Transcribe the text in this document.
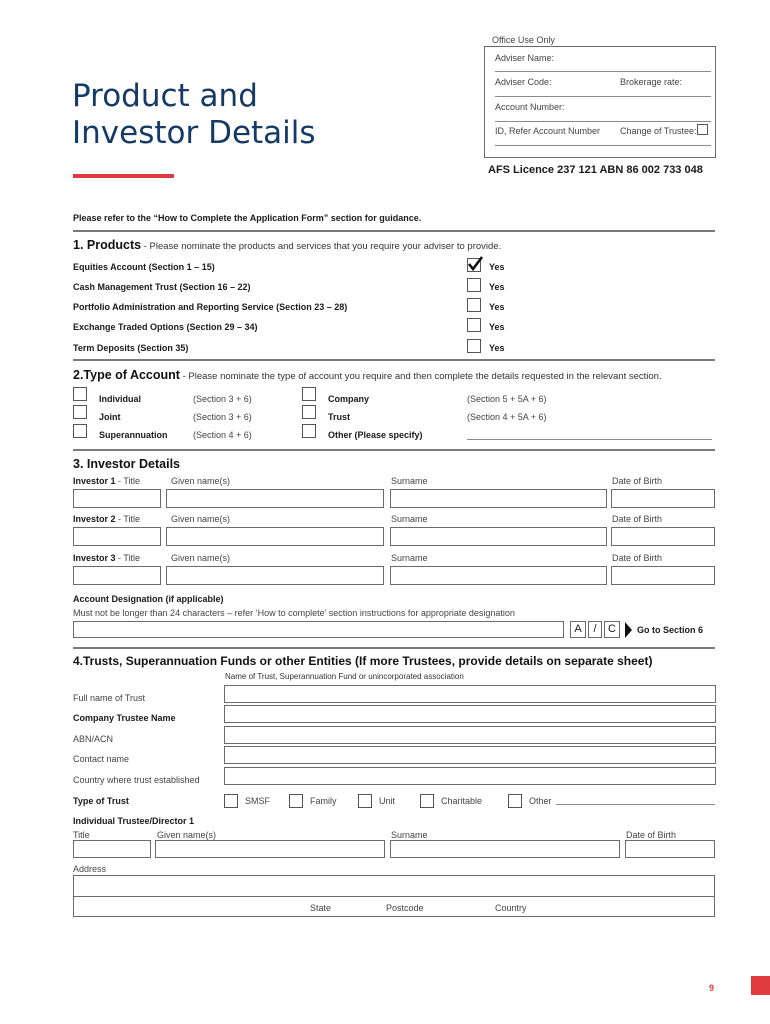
Office Use Only
Adviser Name:
Adviser Code:	Brokerage rate:
Account Number:
ID, Refer Account Number Change of Trustee:
Product and
Investor Details
AFS Licence 237 121 ABN 86 002 733 048
Please refer to the “How to Complete the Application Form” section for guidance.
1. Products - Please nominate the products and services that you require your adviser to provide.
Equities Account (Section 1 – 15)	Yes
Cash Management Trust (Section 16 – 22)	Yes
Portfolio Administration and Reporting Service (Section 23 – 28)	Yes
Exchange Traded Options (Section 29 – 34)	Yes
Term Deposits (Section 35)	Yes
2.Type of Account - Please nominate the type of account you require and then complete the details requested in the relevant section.
Individual	(Section 3 + 6)
Joint	(Section 3 + 6)
Superannuation	(Section 4 + 6)
Company	(Section 5 + 5A + 6)
Trust	(Section 4 + 5A + 6)
Other (Please specify)
3. Investor Details
Investor 1 - Title	Given name(s)	Surname	Date of Birth
Investor 2 - Title	Given name(s)	Surname	Date of Birth
Investor 3 - Title	Given name(s)	Surname	Date of Birth
Account Designation (if applicable)
Must not be longer than 24 characters – refer ‘How to complete’ section instructions for appropriate designation
A	/	C	Go to Section 6
4.Trusts, Superannuation Funds or other Entities (If more Trustees, provide details on separate sheet)
Name of Trust, Superannuation Fund or unincorporated association
Full name of Trust
Company Trustee Name
ABN/ACN
Contact name
Country where trust established
Type of Trust	SMSF	Family	Unit	Charitable	Other
Individual Trustee/Director 1
Title	Given name(s)	Surname	Date of Birth
Address
State	Postcode	Country
9
